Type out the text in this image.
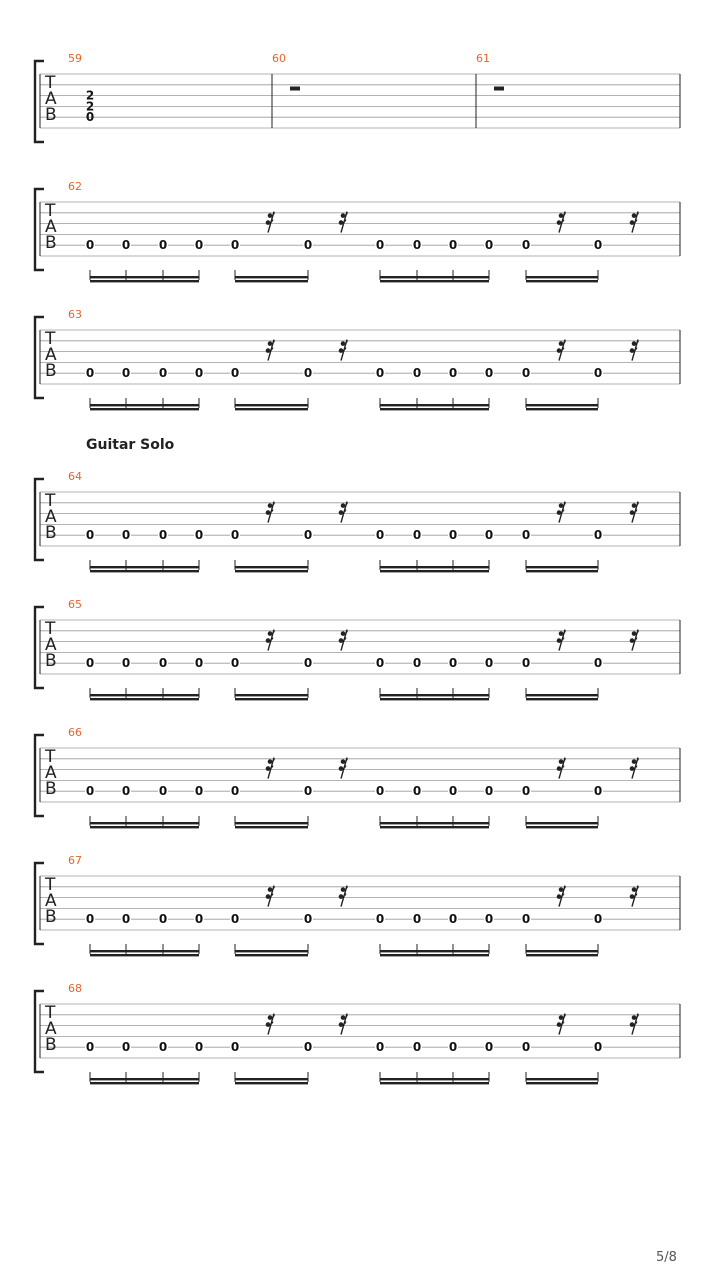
T
A
B
59
2
2
0
60	61
T
A
B
62
0 0 0 0 0	0	0 0 0 0 0	0
T
A
B
63
0 0 0 0 0	0	0 0 0 0 0	0
T
A
B
64
0 0 0 0 0	0	0 0 0 0 0	0
T
A
B
65
0 0 0 0 0	0	0 0 0 0 0	0
T
A
B
66
0 0 0 0 0	0	0 0 0 0 0	0
T
A
B
67
0 0 0 0 0	0	0 0 0 0 0	0
T
A
B
68
0 0 0 0 0	0	0 0 0 0 0	0
Guitar Solo
5/8
